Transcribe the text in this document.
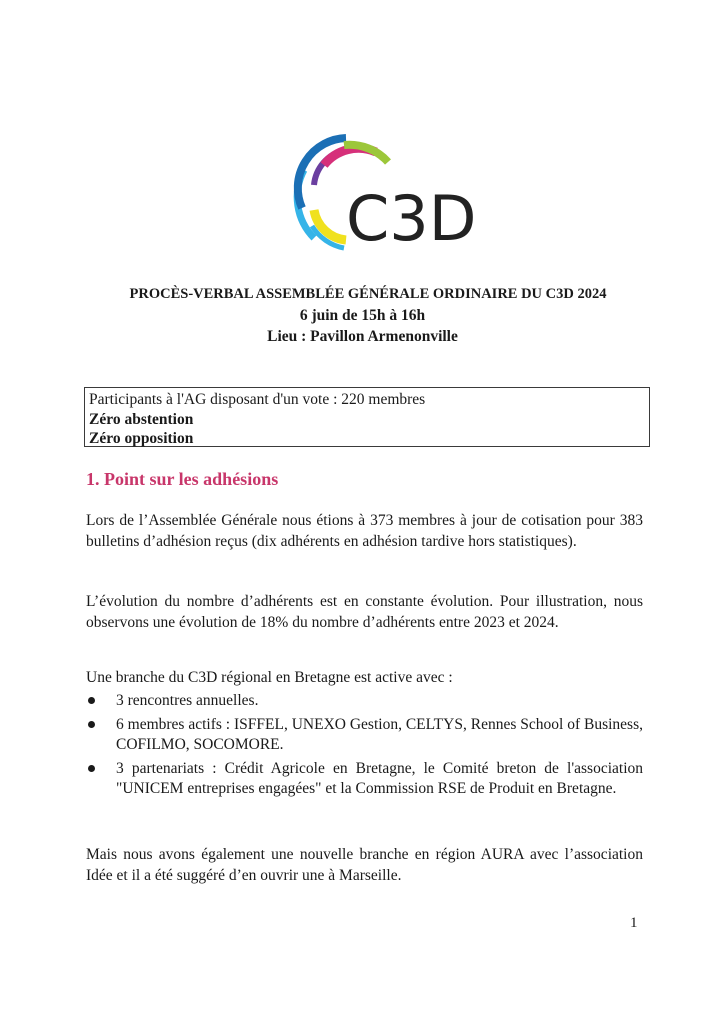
C3D
PROCÈS-VERBAL ASSEMBLÉE GÉNÉRALE ORDINAIRE DU C3D 2024
6 juin de 15h à 16h
Lieu : Pavillon Armenonville
Participants à l'AG disposant d'un vote : 220 membres
Zéro abstention
Zéro opposition
1. Point sur les adhésions
Lors de l’Assemblée Générale nous étions à 373 membres à jour de cotisation pour 383 bulletins d’adhésion reçus (dix adhérents en adhésion tardive hors statistiques).
L’évolution du nombre d’adhérents est en constante évolution. Pour illustration, nous observons une évolution de 18% du nombre d’adhérents entre 2023 et 2024.
Une branche du C3D régional en Bretagne est active avec :
3 rencontres annuelles.
6 membres actifs : ISFFEL, UNEXO Gestion, CELTYS, Rennes School of Business, COFILMO, SOCOMORE.
3 partenariats : Crédit Agricole en Bretagne, le Comité breton de l'association "UNICEM entreprises engagées" et la Commission RSE de Produit en Bretagne.
Mais nous avons également une nouvelle branche en région AURA avec l’association Idée et il a été suggéré d’en ouvrir une à Marseille.
1
